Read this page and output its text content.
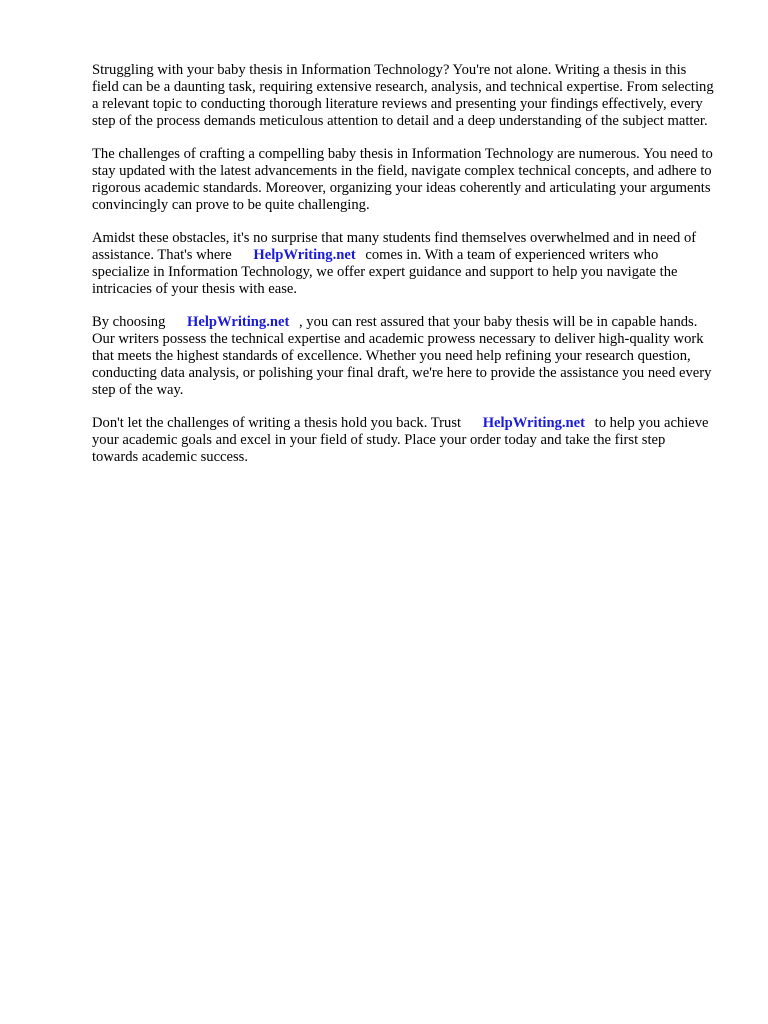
Struggling with your baby thesis in Information Technology? You're not alone. Writing a thesis in this field can be a daunting task, requiring extensive research, analysis, and technical expertise. From selecting a relevant topic to conducting thorough literature reviews and presenting your findings effectively, every step of the process demands meticulous attention to detail and a deep understanding of the subject matter.

The challenges of crafting a compelling baby thesis in Information Technology are numerous. You need to stay updated with the latest advancements in the field, navigate complex technical concepts, and adhere to rigorous academic standards. Moreover, organizing your ideas coherently and articulating your arguments convincingly can prove to be quite challenging.

Amidst these obstacles, it's no surprise that many students find themselves overwhelmed and in need of assistance. That's where HelpWriting.net comes in. With a team of experienced writers who specialize in Information Technology, we offer expert guidance and support to help you navigate the intricacies of your thesis with ease.

By choosing HelpWriting.net , you can rest assured that your baby thesis will be in capable hands. Our writers possess the technical expertise and academic prowess necessary to deliver high-quality work that meets the highest standards of excellence. Whether you need help refining your research question, conducting data analysis, or polishing your final draft, we're here to provide the assistance you need every step of the way.

Don't let the challenges of writing a thesis hold you back. Trust HelpWriting.net to help you achieve your academic goals and excel in your field of study. Place your order today and take the first step towards academic success.
